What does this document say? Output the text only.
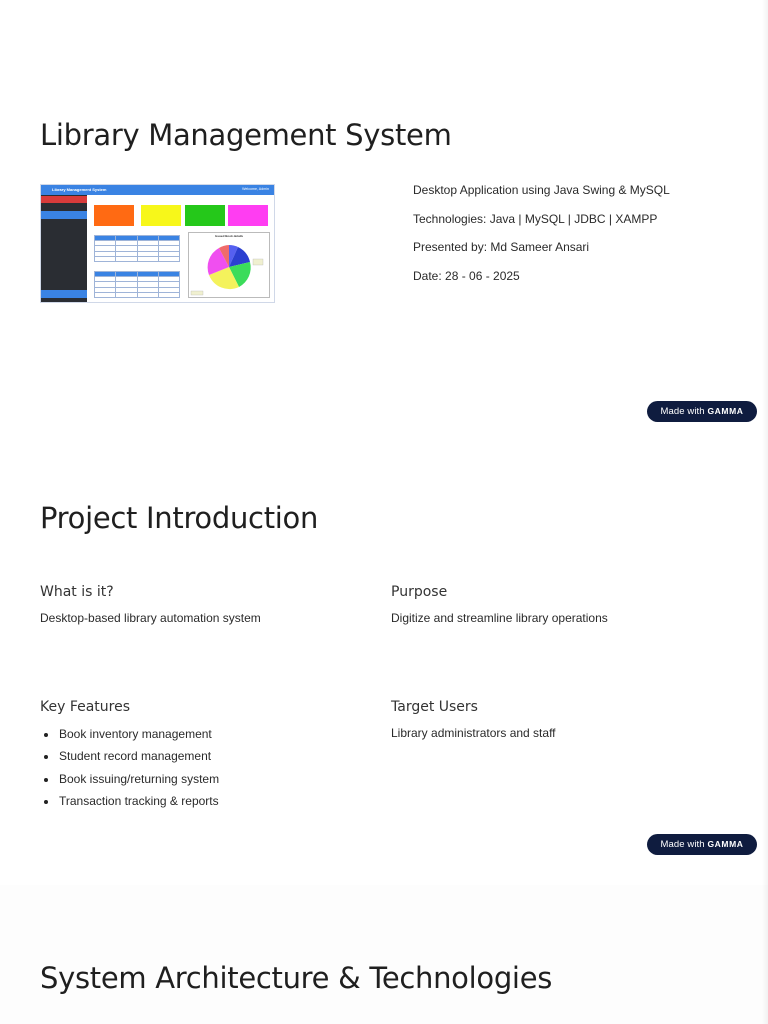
Library Management System
Library Management System	Welcome, Admin

Issued Book details
Desktop Application using Java Swing & MySQL
Technologies: Java | MySQL | JDBC | XAMPP
Presented by: Md Sameer Ansari
Date: 28 - 06 - 2025
Made with GAMMA
Project Introduction
What is it?
Desktop-based library automation system
Purpose
Digitize and streamline library operations
Key Features
Book inventory management
Student record management
Book issuing/returning system
Transaction tracking & reports
Target Users
Library administrators and staff
Made with GAMMA
System Architecture & Technologies
